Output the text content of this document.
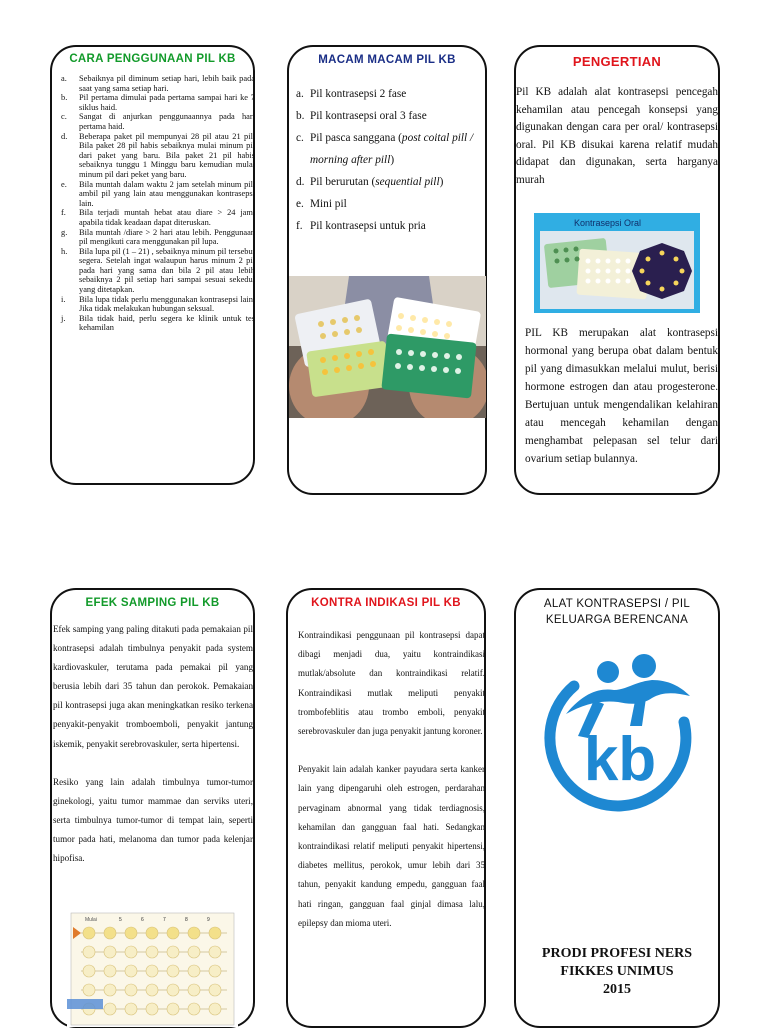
CARA PENGGUNAAN PIL KB
a. Sebaiknya pil diminum setiap hari, lebih baik pada saat yang sama setiap hari.
b. Pil pertama dimulai pada pertama sampai hari ke 7 siklus haid.
c. Sangat di anjurkan penggunaannya pada hari pertama haid.
d. Beberapa paket pil mempunyai 28 pil atau 21 pil. Bila paket 28 pil habis sebaiknya mulai minum pil dari paket yang baru. Bila paket 21 pil habis sebaiknya tunggu 1 Minggu baru kemudian mulai minum pil dari peket yang baru.
e. Bila muntah dalam waktu 2 jam setelah minum pil, ambil pil yang lain atau menggunakan kontrasepsi lain.
f. Bila terjadi muntah hebat atau diare > 24 jam, apabila tidak keadaan dapat diteruskan.
g. Bila muntah /diare > 2 hari atau lebih. Penggunaan pil mengikuti cara menggunakan pil lupa.
h. Bila lupa pil (1 – 21) , sebaiknya minum pil tersebut segera. Setelah ingat walaupun harus minum 2 pil pada hari yang sama dan bila 2 pil atau lebih sebaiknya 2 pil setiap hari sampai sesuai sekedul yang ditetapkan.
i. Bila lupa tidak perlu menggunakan kontrasepsi lain. Jika tidak melakukan hubungan seksual.
j. Bila tidak haid, perlu segera ke klinik untuk tes kehamilan
MACAM MACAM PIL KB
a. Pil kontrasepsi 2 fase
b. Pil kontrasepsi oral 3 fase
c. Pil pasca sanggana (post coital pill / morning after pill)
d. Pil berurutan (sequential pill)
e. Mini pil
f. Pil kontrasepsi untuk pria
PENGERTIAN
Pil KB adalah alat kontrasepsi pencegah kehamilan atau pencegah konsepsi yang digunakan dengan cara per oral/ kontrasepsi oral. Pil KB disukai karena relatif mudah didapat dan digunakan, serta harganya murah
Kontrasepsi Oral
PIL KB merupakan alat kontrasepsi hormonal yang berupa obat dalam bentuk pil yang dimasukkan melalui mulut, berisi hormone estrogen dan atau progesterone. Bertujuan untuk mengendalikan kelahiran atau mencegah kehamilan dengan menghambat pelepasan sel telur dari ovarium setiap bulannya.
EFEK SAMPING PIL KB
Efek samping yang paling ditakuti pada pemakaian pil kontrasepsi adalah timbulnya penyakit pada system kardiovaskuler, terutama pada pemakai pil yang berusia lebih dari 35 tahun dan perokok. Pemakaian pil kontrasepsi juga akan meningkatkan resiko terkena penyakit-penyakit tromboemboli, penyakit jantung iskemik, penyakit serebrovaskuler, serta hipertensi.
Resiko yang lain adalah timbulnya tumor-tumor ginekologi, yaitu tumor mammae dan serviks uteri, serta timbulnya tumor-tumor di tempat lain, seperti tumor pada hati, melanoma dan tumor pada kelenjar hipofisa.
Mulai	5	6	7	8	9
KONTRA INDIKASI PIL KB
Kontraindikasi penggunaan pil kontrasepsi dapat dibagi menjadi dua, yaitu kontraindikasi mutlak/absolute dan kontraindikasi relatif. Kontraindikasi mutlak meliputi penyakit trombofeblitis atau trombo emboli, penyakit serebrovaskuler dan juga penyakit jantung koroner.
Penyakit lain adalah kanker payudara serta kanker lain yang dipengaruhi oleh estrogen, perdarahan pervaginam abnormal yang tidak terdiagnosis, kehamilan dan gangguan faal hati. Sedangkan kontraindikasi relatif meliputi penyakit hipertensi, diabetes mellitus, perokok, umur lebih dari 35 tahun, penyakit kandung empedu, gangguan faal hati ringan, gangguan faal ginjal dimasa lalu, epilepsy dan mioma uteri.
ALAT KONTRASEPSI / PIL
KELUARGA BERENCANA
kb
PRODI PROFESI NERS
FIKKES UNIMUS
2015
